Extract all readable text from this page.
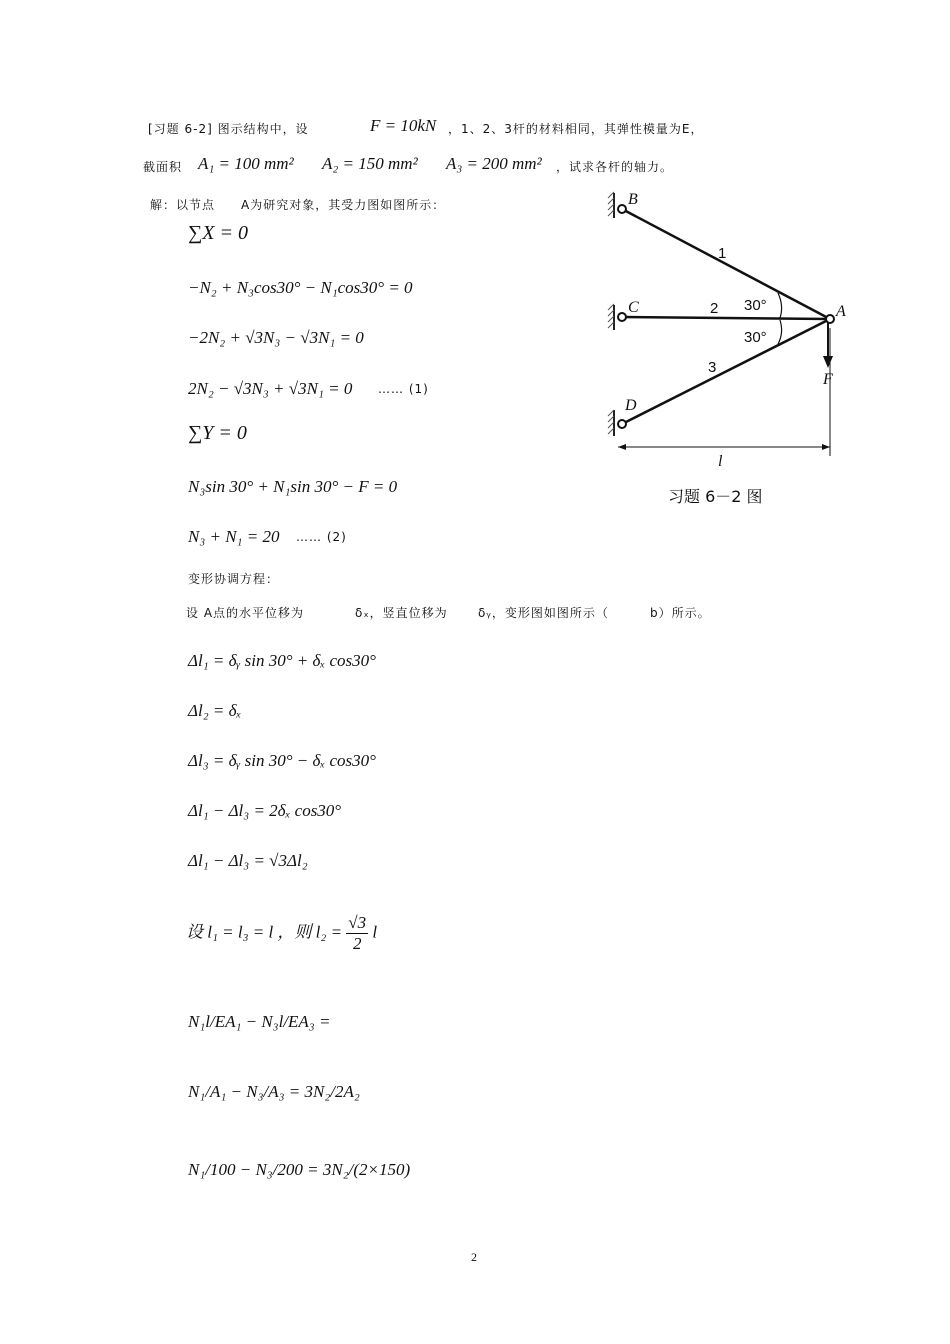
[习题 6-2] 图示结构中，设	F = 10kN ，1、2、3杆的材料相同，其弹性模量为E，
截面积 A₁ = 100 mm² A₂ = 150 mm² A₃ = 200 mm² ，试求各杆的轴力。
解：以节点 A为研究对象，其受力图如图所示：
∑X = 0
−N₂ + N₃cos30° − N₁cos30° = 0
−2N₂ + √3N₃ − √3N₁ = 0
2N₂ − √3N₃ + √3N₁ = 0 …… (1)
∑Y = 0
N₃sin 30° + N₁sin 30° − F = 0
N₃ + N₁ = 20 …… (2)
变形协调方程：
设 A点的水平位移为	δₓ，竖直位移为	δᵧ，变形图如图所示（	b）所示。
Δl₁ = δᵧ sin 30° + δₓ cos30°
Δl₂ = δₓ
Δl₃ = δᵧ sin 30° − δₓ cos30°
Δl₁ − Δl₃ = 2δₓ cos30°
Δl₁ − Δl₃ = √3Δl₂
设 l₁ = l₃ = l ，则 $l_2 = \frac{√3}{2}$ l
N₁l/EA₁ − N₃l/EA₃ =
N₁/A₁ − N₃/A₃ = 3N₂/2A₂
N₁/100 − N₃/200 = 3N₂/(2×150)
B
C
D
A
F
l
1
2
3
30°
30°
习题 6－2 图
2
